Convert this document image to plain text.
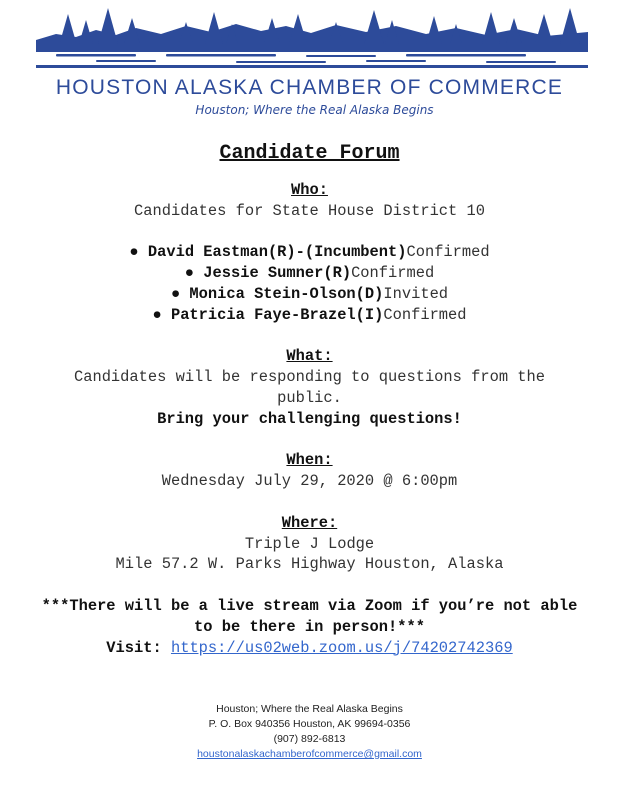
HOUSTON ALASKA CHAMBER OF COMMERCE
Houston; Where the Real Alaska Begins
Candidate Forum
Who:
Candidates for State House District 10
● David Eastman(R)-(Incumbent)Confirmed
● Jessie Sumner(R)Confirmed
● Monica Stein-Olson(D)Invited
● Patricia Faye-Brazel(I)Confirmed
What:
Candidates will be responding to questions from the public.
Bring your challenging questions!
When:
Wednesday July 29, 2020 @ 6:00pm
Where:
Triple J Lodge
Mile 57.2 W. Parks Highway Houston, Alaska
***There will be a live stream via Zoom if you’re not able to be there in person!***
Visit: https://us02web.zoom.us/j/74202742369
Houston; Where the Real Alaska Begins
P. O. Box 940356 Houston, AK 99694-0356
(907) 892-6813
houstonalaskachamberofcommerce@gmail.com
